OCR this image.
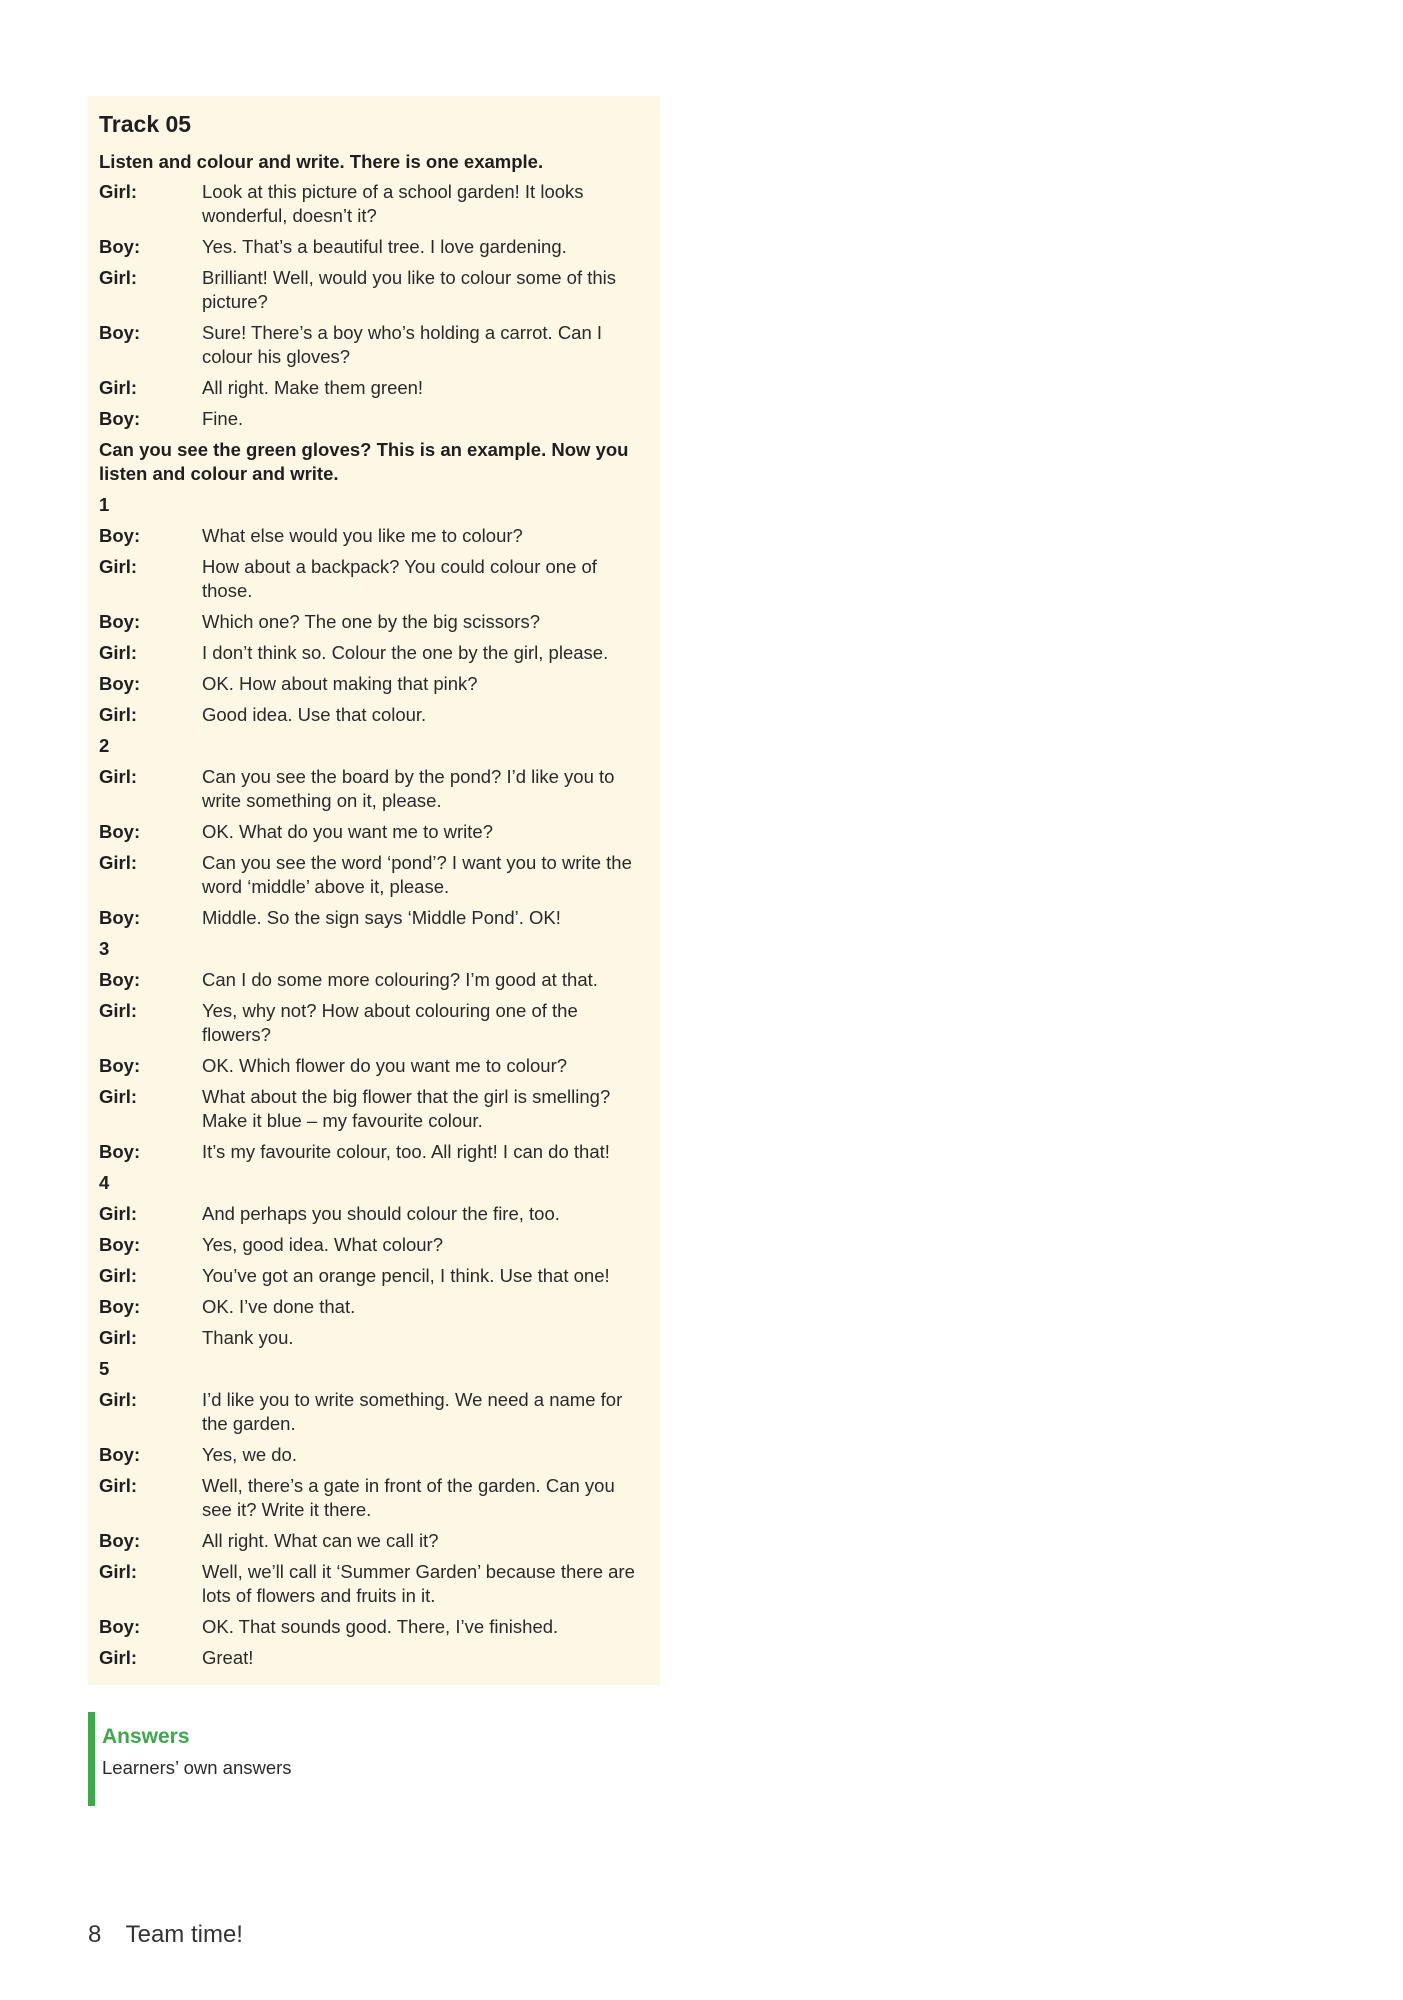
Track 05
Listen and colour and write. There is one example.
Girl:	Look at this picture of a school garden! It looks wonderful, doesn’t it?
Boy:	Yes. That’s a beautiful tree. I love gardening.
Girl:	Brilliant! Well, would you like to colour some of this picture?
Boy:	Sure! There’s a boy who’s holding a carrot. Can I colour his gloves?
Girl:	All right. Make them green!
Boy:	Fine.
Can you see the green gloves? This is an example. Now you listen and colour and write.
1
Boy:	What else would you like me to colour?
Girl:	How about a backpack? You could colour one of those.
Boy:	Which one? The one by the big scissors?
Girl:	I don’t think so. Colour the one by the girl, please.
Boy:	OK. How about making that pink?
Girl:	Good idea. Use that colour.
2
Girl:	Can you see the board by the pond? I’d like you to write something on it, please.
Boy:	OK. What do you want me to write?
Girl:	Can you see the word ‘pond’? I want you to write the word ‘middle’ above it, please.
Boy:	Middle. So the sign says ‘Middle Pond’. OK!
3
Boy:	Can I do some more colouring? I’m good at that.
Girl:	Yes, why not? How about colouring one of the flowers?
Boy:	OK. Which flower do you want me to colour?
Girl:	What about the big flower that the girl is smelling? Make it blue – my favourite colour.
Boy:	It’s my favourite colour, too. All right! I can do that!
4
Girl:	And perhaps you should colour the fire, too.
Boy:	Yes, good idea. What colour?
Girl:	You’ve got an orange pencil, I think. Use that one!
Boy:	OK. I’ve done that.
Girl:	Thank you.
5
Girl:	I’d like you to write something. We need a name for the garden.
Boy:	Yes, we do.
Girl:	Well, there’s a gate in front of the garden. Can you see it? Write it there.
Boy:	All right. What can we call it?
Girl:	Well, we’ll call it ‘Summer Garden’ because there are lots of flowers and fruits in it.
Boy:	OK. That sounds good. There, I’ve finished.
Girl:	Great!
Answers
Learners’ own answers
8 Team time!
